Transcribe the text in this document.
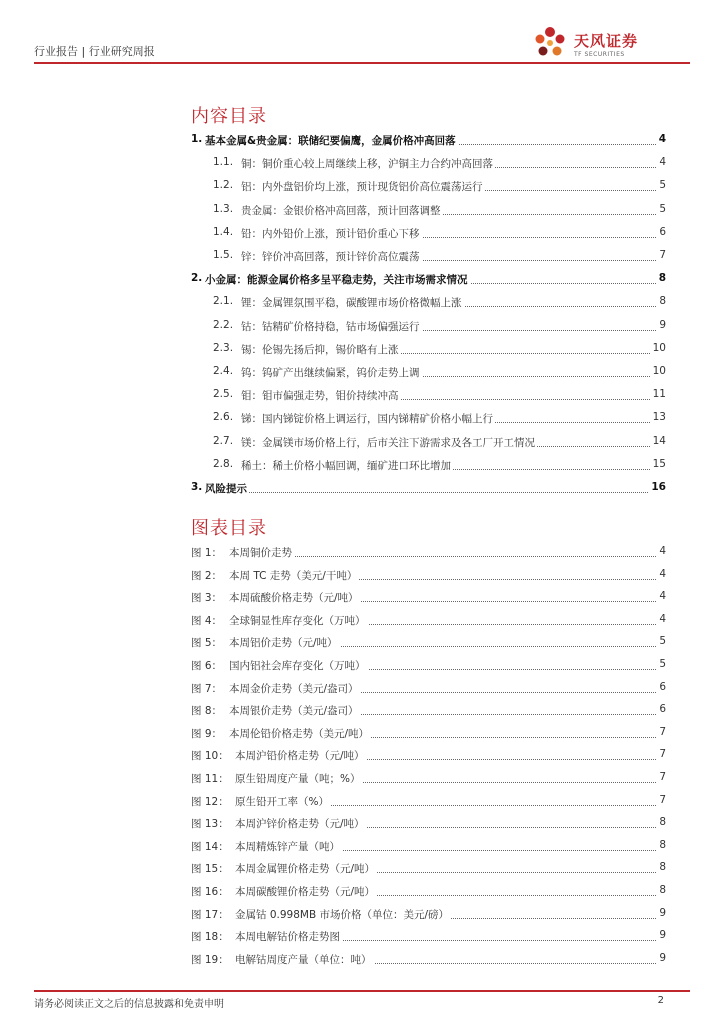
行业报告 | 行业研究周报
天风证券
TF SECURITIES
内容目录
1. 基本金属&贵金属：联储纪要偏鹰，金属价格冲高回落	4
1.1. 铜：铜价重心较上周继续上移，沪铜主力合约冲高回落	4
1.2. 铝：内外盘铝价均上涨，预计现货铝价高位震荡运行	5
1.3. 贵金属：金银价格冲高回落，预计回落调整	5
1.4. 铅：内外铅价上涨，预计铅价重心下移	6
1.5. 锌：锌价冲高回落，预计锌价高位震荡	7
2. 小金属：能源金属价格多呈平稳走势，关注市场需求情况	8
2.1. 锂：金属锂氛围平稳，碳酸锂市场价格微幅上涨	8
2.2. 钴：钴精矿价格持稳，钴市场偏强运行	9
2.3. 锡：伦锡先扬后抑，锡价略有上涨	10
2.4. 钨：钨矿产出继续偏紧，钨价走势上调	10
2.5. 钼：钼市偏强走势，钼价持续冲高	11
2.6. 锑：国内锑锭价格上调运行，国内锑精矿价格小幅上行	13
2.7. 镁：金属镁市场价格上行，后市关注下游需求及各工厂开工情况	14
2.8. 稀土：稀土价格小幅回调，缅矿进口环比增加	15
3. 风险提示	16
图表目录
图 1： 本周铜价走势	4
图 2： 本周 TC 走势（美元/干吨）	4
图 3： 本周硫酸价格走势（元/吨）	4
图 4： 全球铜显性库存变化（万吨）	4
图 5： 本周铝价走势（元/吨）	5
图 6： 国内铝社会库存变化（万吨）	5
图 7： 本周金价走势（美元/盎司）	6
图 8： 本周银价走势（美元/盎司）	6
图 9： 本周伦铅价格走势（美元/吨）	7
图 10： 本周沪铅价格走势（元/吨）	7
图 11： 原生铅周度产量（吨；%）	7
图 12： 原生铅开工率（%）	7
图 13： 本周沪锌价格走势（元/吨）	8
图 14： 本周精炼锌产量（吨）	8
图 15： 本周金属锂价格走势（元/吨）	8
图 16： 本周碳酸锂价格走势（元/吨）	8
图 17： 金属钴 0.998MB 市场价格（单位：美元/磅）	9
图 18： 本周电解钴价格走势图	9
图 19： 电解钴周度产量（单位：吨）	9
请务必阅读正文之后的信息披露和免责申明	2
